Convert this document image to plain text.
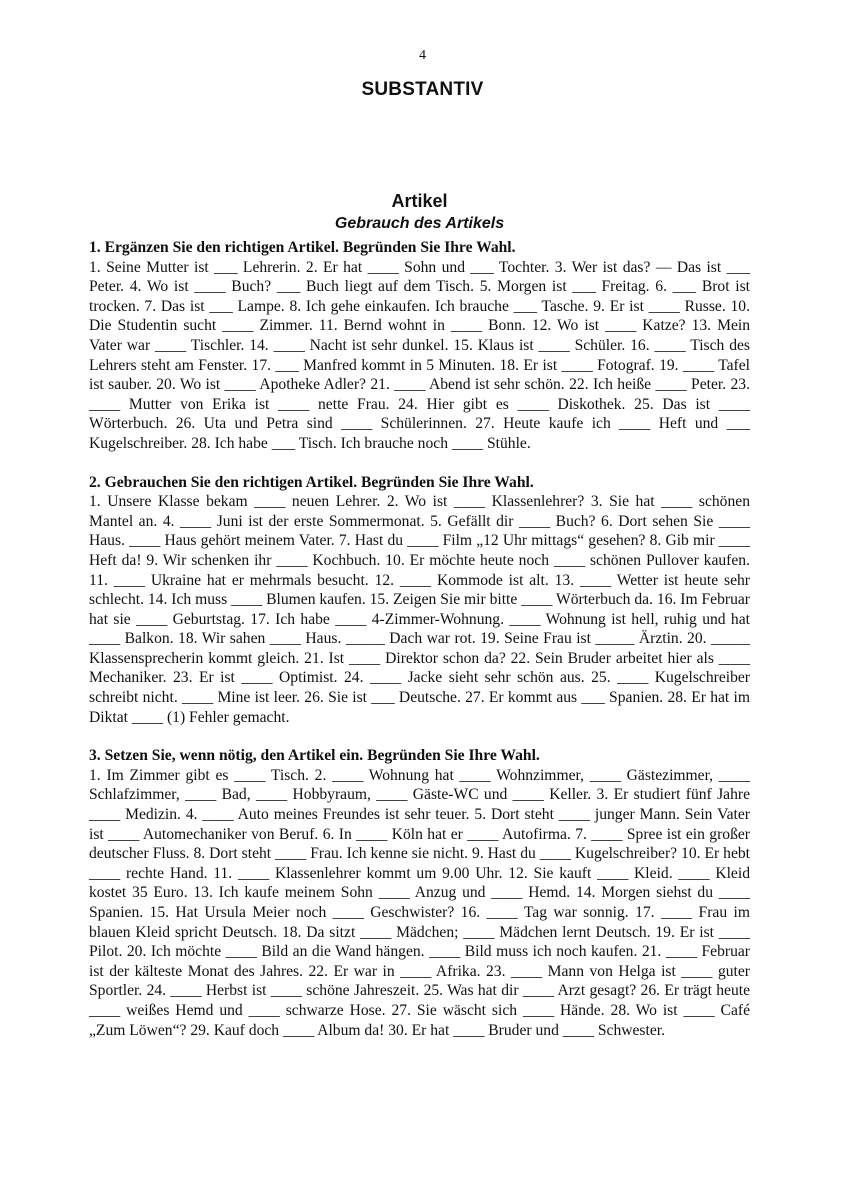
4
SUBSTANTIV
Artikel
Gebrauch des Artikels

1. Ergänzen Sie den richtigen Artikel. Begründen Sie Ihre Wahl.

1. Seine Mutter ist ___ Lehrerin. 2. Er hat ____ Sohn und ___ Tochter. 3. Wer ist das? — Das ist ___ Peter. 4. Wo ist ____ Buch? ___ Buch liegt auf dem Tisch. 5. Morgen ist ___ Freitag. 6. ___ Brot ist trocken. 7. Das ist ___ Lampe. 8. Ich gehe einkaufen. Ich brauche ___ Tasche. 9. Er ist ____ Russe. 10. Die Studentin sucht ____ Zimmer. 11. Bernd wohnt in ____ Bonn. 12. Wo ist ____ Katze? 13. Mein Vater war ____ Tischler. 14. ____ Nacht ist sehr dunkel. 15. Klaus ist ____ Schüler. 16. ____ Tisch des Lehrers steht am Fenster. 17. ___ Manfred kommt in 5 Minuten. 18. Er ist ____ Fotograf. 19. ____ Tafel ist sauber. 20. Wo ist ____ Apotheke Adler? 21. ____ Abend ist sehr schön. 22. Ich heiße ____ Peter. 23. ____ Mutter von Erika ist ____ nette Frau. 24. Hier gibt es ____ Diskothek. 25. Das ist ____ Wörterbuch. 26. Uta und Petra sind ____ Schülerinnen. 27. Heute kaufe ich ____ Heft und ___ Kugelschreiber. 28. Ich habe ___ Tisch. Ich brauche noch ____ Stühle.

2. Gebrauchen Sie den richtigen Artikel. Begründen Sie Ihre Wahl.

1. Unsere Klasse bekam ____ neuen Lehrer. 2. Wo ist ____ Klassenlehrer? 3. Sie hat ____ schönen Mantel an. 4. ____ Juni ist der erste Sommermonat. 5. Gefällt dir ____ Buch? 6. Dort sehen Sie ____ Haus. ____ Haus gehört meinem Vater. 7. Hast du ____ Film „12 Uhr mittags“ gesehen? 8. Gib mir ____ Heft da! 9. Wir schenken ihr ____ Kochbuch. 10. Er möchte heute noch ____ schönen Pullover kaufen. 11. ____ Ukraine hat er mehrmals besucht. 12. ____ Kommode ist alt. 13. ____ Wetter ist heute sehr schlecht. 14. Ich muss ____ Blumen kaufen. 15. Zeigen Sie mir bitte ____ Wörterbuch da. 16. Im Februar hat sie ____ Geburtstag. 17. Ich habe ____ 4-Zimmer-Wohnung. ____ Wohnung ist hell, ruhig und hat ____ Balkon. 18. Wir sahen ____ Haus. _____ Dach war rot. 19. Seine Frau ist _____ Ärztin. 20. _____ Klassensprecherin kommt gleich. 21. Ist ____ Direktor schon da? 22. Sein Bruder arbeitet hier als ____ Mechaniker. 23. Er ist ____ Optimist. 24. ____ Jacke sieht sehr schön aus. 25. ____ Kugelschreiber schreibt nicht. ____ Mine ist leer. 26. Sie ist ___ Deutsche. 27. Er kommt aus ___ Spanien. 28. Er hat im Diktat ____ (1) Fehler gemacht.

3. Setzen Sie, wenn nötig, den Artikel ein. Begründen Sie Ihre Wahl.

1. Im Zimmer gibt es ____ Tisch. 2. ____ Wohnung hat ____ Wohnzimmer, ____ Gästezimmer, ____ Schlafzimmer, ____ Bad, ____ Hobbyraum, ____ Gäste-WC und ____ Keller. 3. Er studiert fünf Jahre ____ Medizin. 4. ____ Auto meines Freundes ist sehr teuer. 5. Dort steht ____ junger Mann. Sein Vater ist ____ Automechaniker von Beruf. 6. In ____ Köln hat er ____ Autofirma. 7. ____ Spree ist ein großer deutscher Fluss. 8. Dort steht ____ Frau. Ich kenne sie nicht. 9. Hast du ____ Kugelschreiber? 10. Er hebt ____ rechte Hand. 11. ____ Klassenlehrer kommt um 9.00 Uhr. 12. Sie kauft ____ Kleid. ____ Kleid kostet 35 Euro. 13. Ich kaufe meinem Sohn ____ Anzug und ____ Hemd. 14. Morgen siehst du ____ Spanien. 15. Hat Ursula Meier noch ____ Geschwister? 16. ____ Tag war sonnig. 17. ____ Frau im blauen Kleid spricht Deutsch. 18. Da sitzt ____ Mädchen; ____ Mädchen lernt Deutsch. 19. Er ist ____ Pilot. 20. Ich möchte ____ Bild an die Wand hängen. ____ Bild muss ich noch kaufen. 21. ____ Februar ist der kälteste Monat des Jahres. 22. Er war in ____ Afrika. 23. ____ Mann von Helga ist ____ guter Sportler. 24. ____ Herbst ist ____ schöne Jahreszeit. 25. Was hat dir ____ Arzt gesagt? 26. Er trägt heute ____ weißes Hemd und ____ schwarze Hose. 27. Sie wäscht sich ____ Hände. 28. Wo ist ____ Café „Zum Löwen“? 29. Kauf doch ____ Album da! 30. Er hat ____ Bruder und ____ Schwester.
